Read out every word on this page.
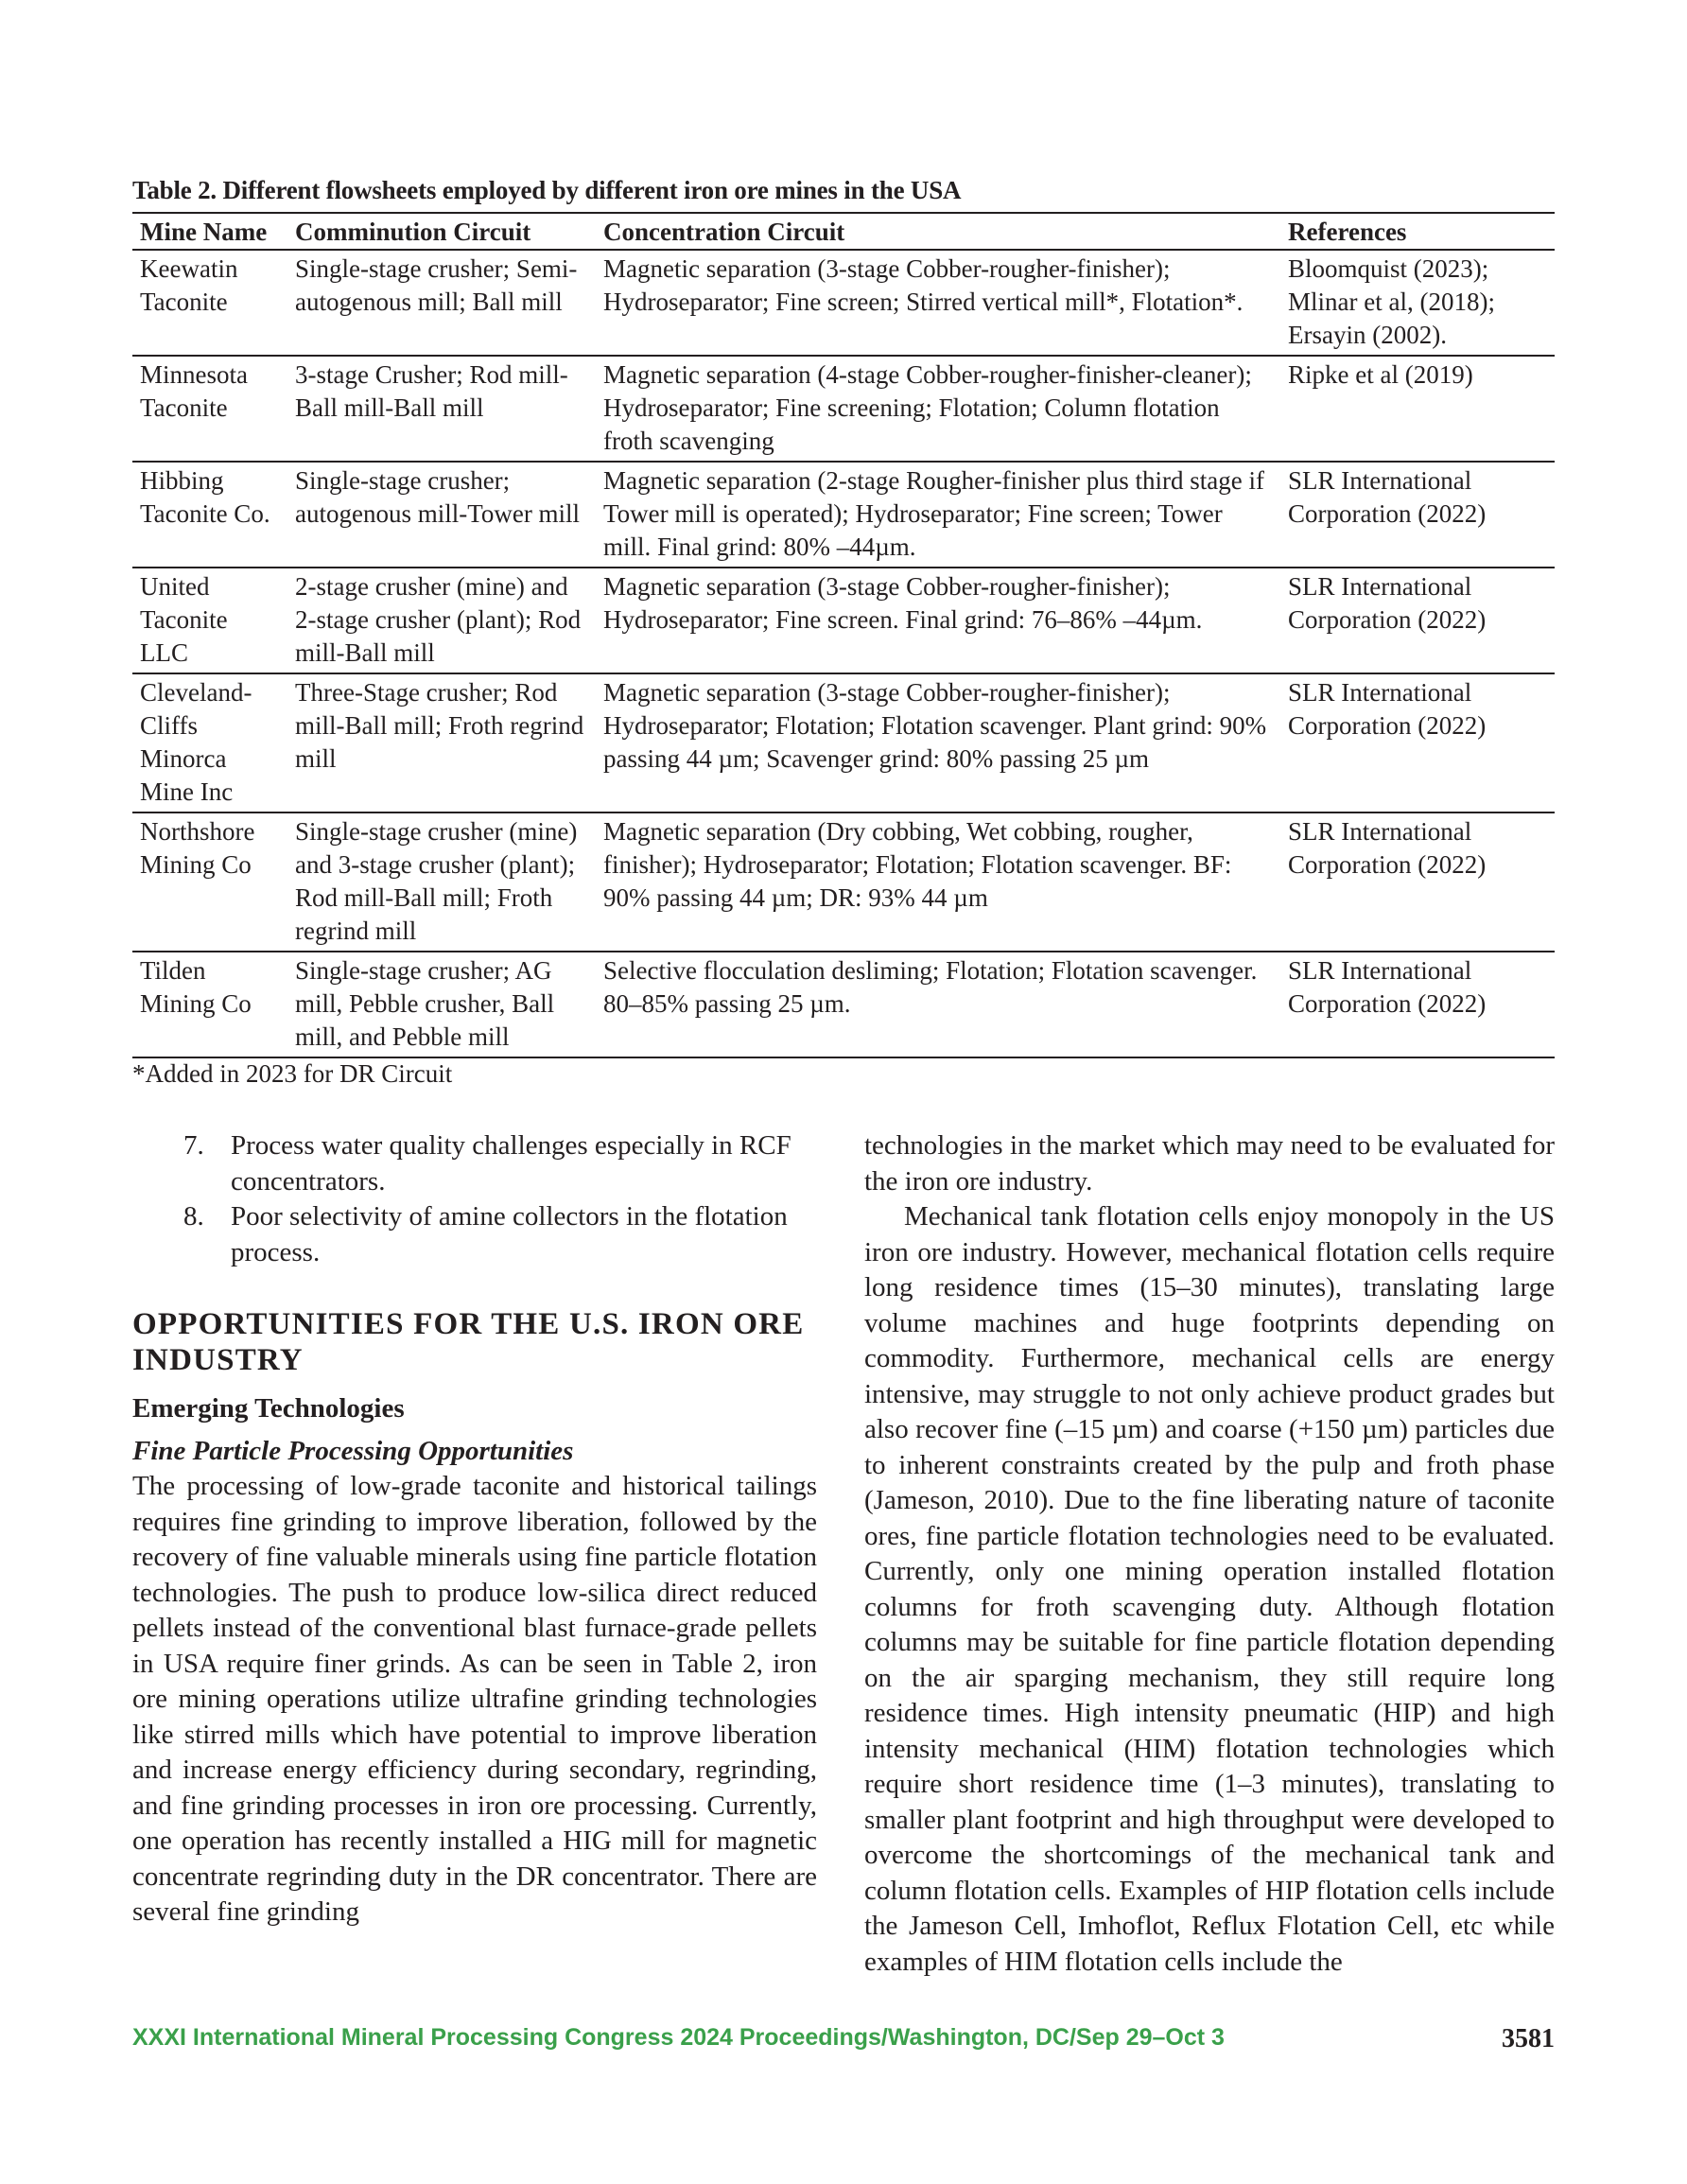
Table 2. Different flowsheets employed by different iron ore mines in the USA
Mine Name	Comminution Circuit	Concentration Circuit	References
Keewatin Taconite	Single-stage crusher; Semi-autogenous mill; Ball mill	Magnetic separation (3-stage Cobber-rougher-finisher); Hydroseparator; Fine screen; Stirred vertical mill*, Flotation*.	Bloomquist (2023); Mlinar et al, (2018); Ersayin (2002).
Minnesota Taconite	3-stage Crusher; Rod mill-Ball mill-Ball mill	Magnetic separation (4-stage Cobber-rougher-finisher-cleaner); Hydroseparator; Fine screening; Flotation; Column flotation froth scavenging	Ripke et al (2019)
Hibbing Taconite Co.	Single-stage crusher; autogenous mill-Tower mill	Magnetic separation (2-stage Rougher-finisher plus third stage if Tower mill is operated); Hydroseparator; Fine screen; Tower mill. Final grind: 80% –44µm.	SLR International Corporation (2022)
United Taconite LLC	2-stage crusher (mine) and 2-stage crusher (plant); Rod mill-Ball mill	Magnetic separation (3-stage Cobber-rougher-finisher); Hydroseparator; Fine screen. Final grind: 76–86% –44µm.	SLR International Corporation (2022)
Cleveland-Cliffs Minorca Mine Inc	Three-Stage crusher; Rod mill-Ball mill; Froth regrind mill	Magnetic separation (3-stage Cobber-rougher-finisher); Hydroseparator; Flotation; Flotation scavenger. Plant grind: 90% passing 44 µm; Scavenger grind: 80% passing 25 µm	SLR International Corporation (2022)
Northshore Mining Co	Single-stage crusher (mine) and 3-stage crusher (plant); Rod mill-Ball mill; Froth regrind mill	Magnetic separation (Dry cobbing, Wet cobbing, rougher, finisher); Hydroseparator; Flotation; Flotation scavenger. BF: 90% passing 44 µm; DR: 93% 44 µm	SLR International Corporation (2022)
Tilden Mining Co	Single-stage crusher; AG mill, Pebble crusher, Ball mill, and Pebble mill	Selective flocculation desliming; Flotation; Flotation scavenger. 80–85% passing 25 µm.	SLR International Corporation (2022)
*Added in 2023 for DR Circuit
7. Process water quality challenges especially in RCF concentrators.
8. Poor selectivity of amine collectors in the flotation process.
OPPORTUNITIES FOR THE U.S. IRON ORE INDUSTRY
Emerging Technologies
Fine Particle Processing Opportunities

The processing of low-grade taconite and historical tailings requires fine grinding to improve liberation, followed by the recovery of fine valuable minerals using fine particle flotation technologies. The push to produce low-silica direct reduced pellets instead of the conventional blast furnace-grade pellets in USA require finer grinds. As can be seen in Table 2, iron ore mining operations utilize ultrafine grinding technologies like stirred mills which have potential to improve liberation and increase energy efficiency during secondary, regrinding, and fine grinding processes in iron ore processing. Currently, one operation has recently installed a HIG mill for magnetic concentrate regrinding duty in the DR concentrator. There are several fine grinding

technologies in the market which may need to be evaluated for the iron ore industry.

Mechanical tank flotation cells enjoy monopoly in the US iron ore industry. However, mechanical flotation cells require long residence times (15–30 minutes), translating large volume machines and huge footprints depending on commodity. Furthermore, mechanical cells are energy intensive, may struggle to not only achieve product grades but also recover fine (–15 µm) and coarse (+150 µm) particles due to inherent constraints created by the pulp and froth phase (Jameson, 2010). Due to the fine liberating nature of taconite ores, fine particle flotation technologies need to be evaluated. Currently, only one mining operation installed flotation columns for froth scavenging duty. Although flotation columns may be suitable for fine particle flotation depending on the air sparging mechanism, they still require long residence times. High intensity pneumatic (HIP) and high intensity mechanical (HIM) flotation technologies which require short residence time (1–3 minutes), translating to smaller plant footprint and high throughput were developed to overcome the shortcomings of the mechanical tank and column flotation cells. Examples of HIP flotation cells include the Jameson Cell, Imhoflot, Reflux Flotation Cell, etc while examples of HIM flotation cells include the

XXXI International Mineral Processing Congress 2024 Proceedings/Washington, DC/Sep 29–Oct 3	3581
